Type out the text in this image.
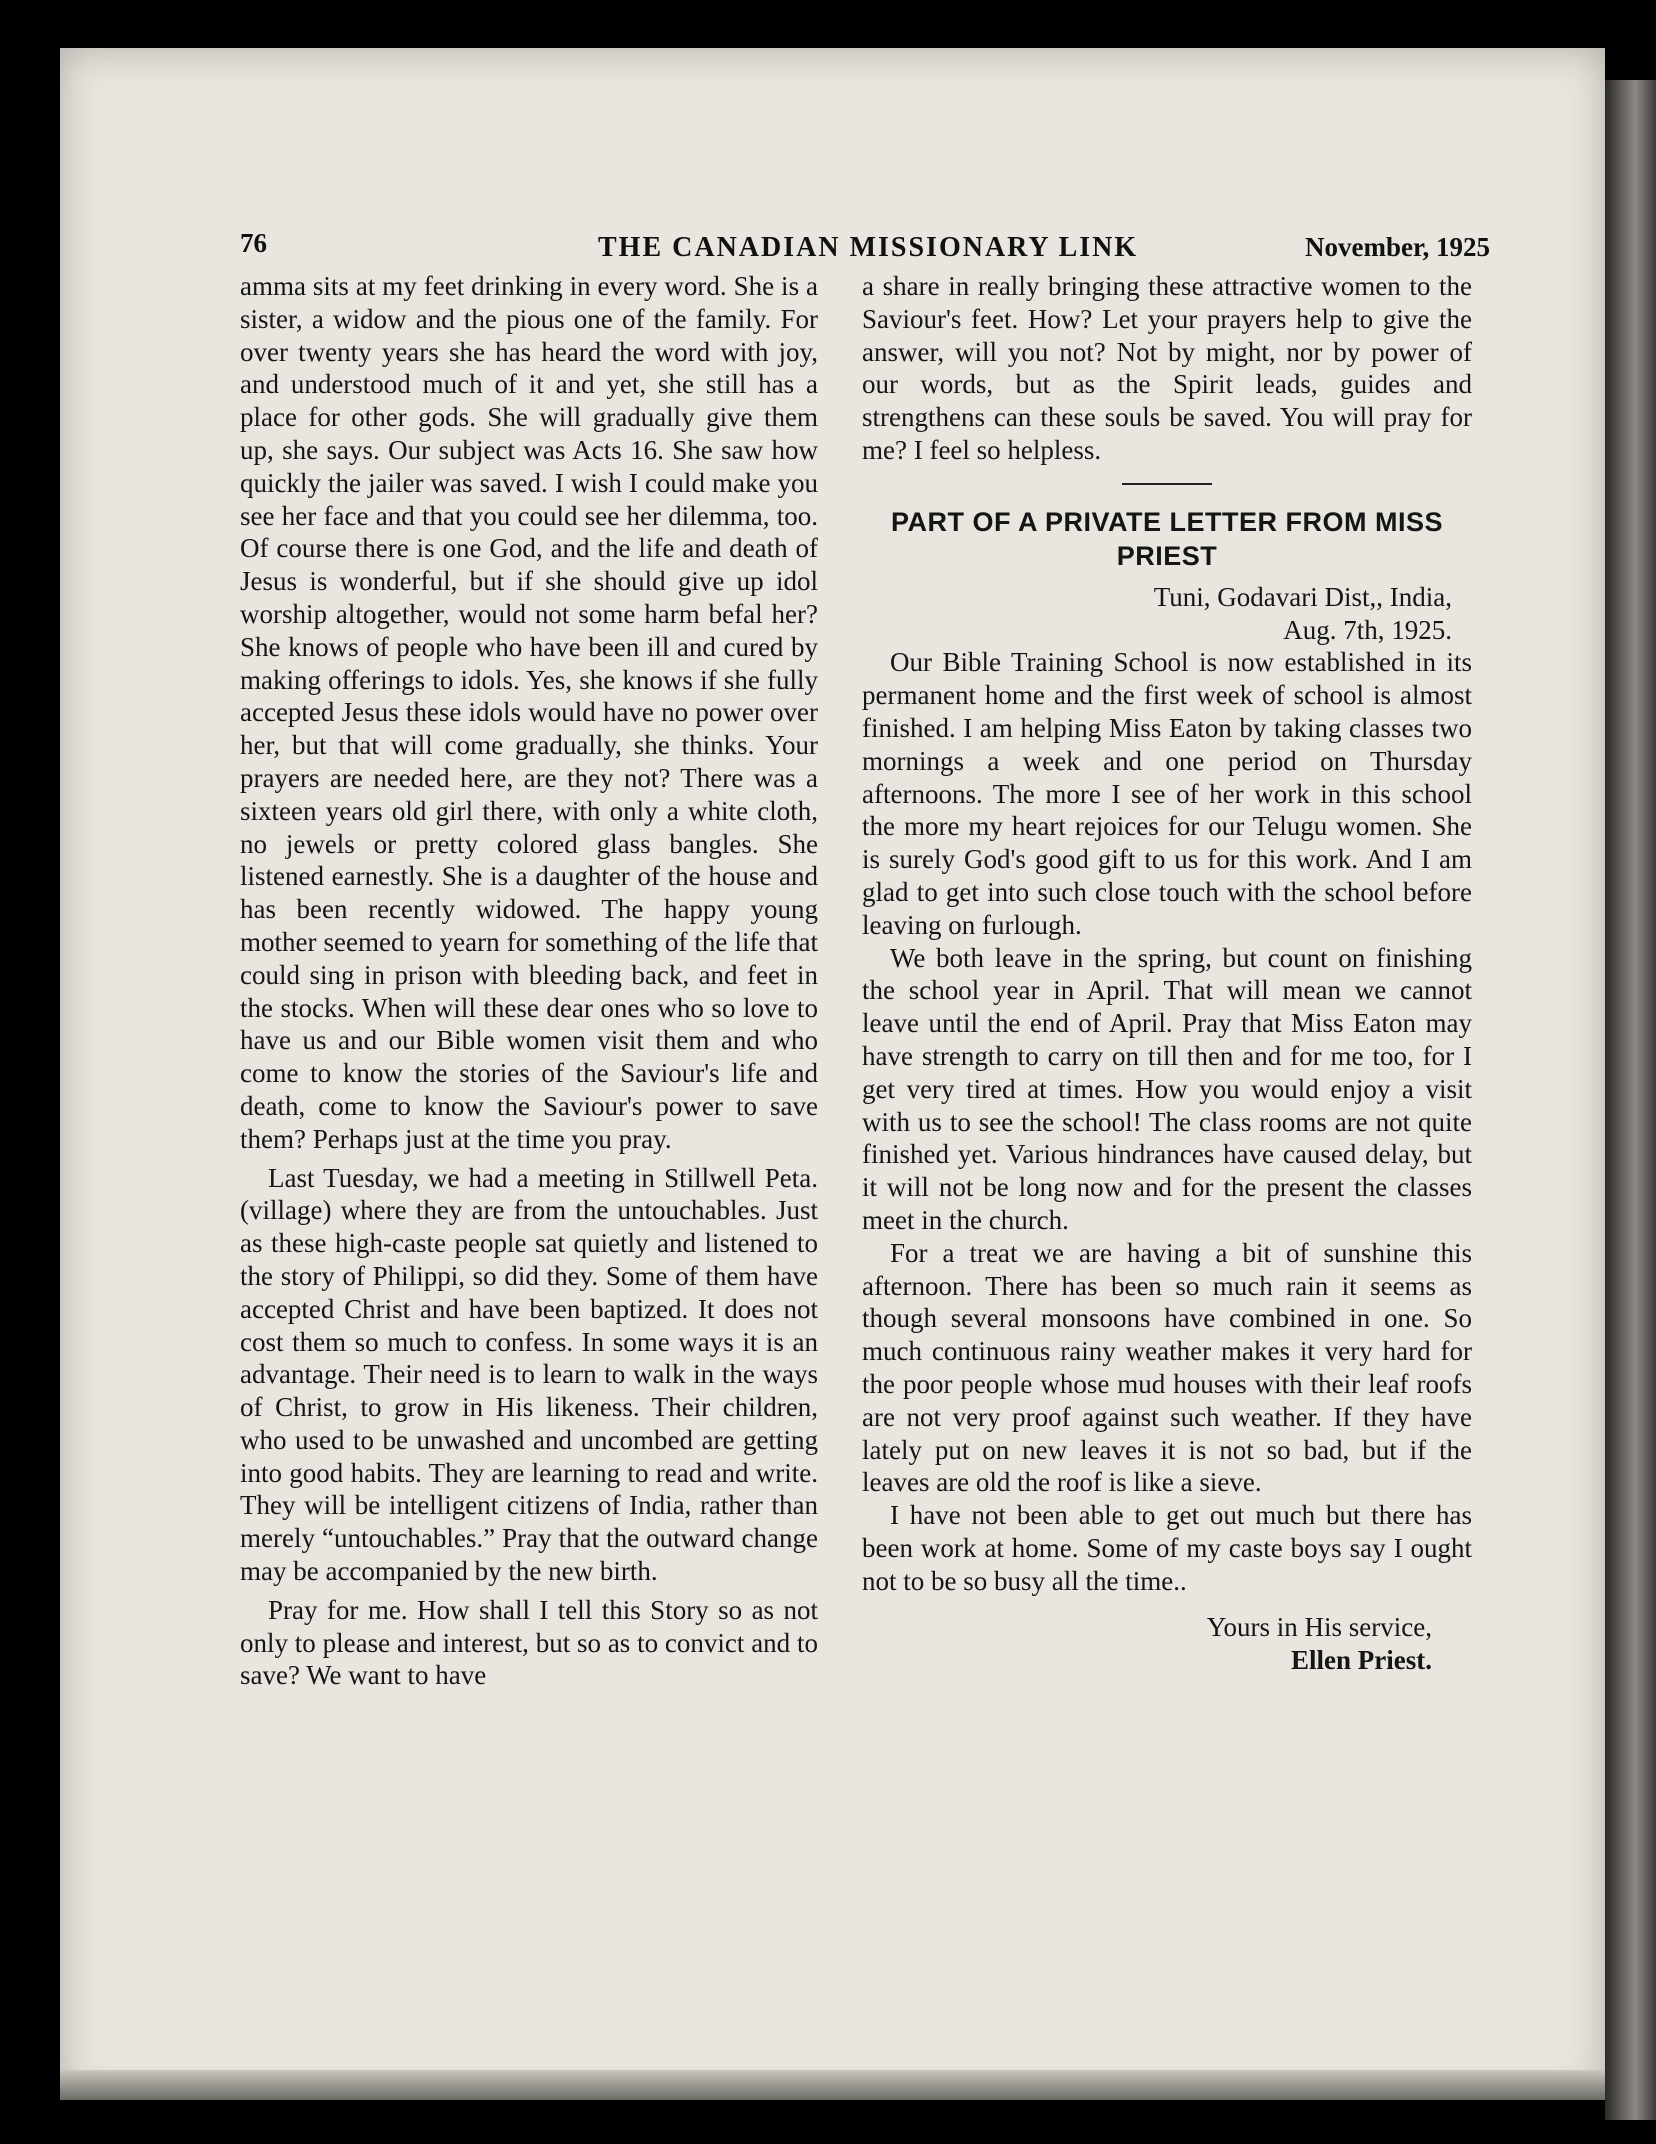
76	THE CANADIAN MISSIONARY LINK	November, 1925

amma sits at my feet drinking in every word. She is a sister, a widow and the pious one of the family. For over twenty years she has heard the word with joy, and understood much of it and yet, she still has a place for other gods. She will gradually give them up, she says. Our subject was Acts 16. She saw how quickly the jailer was saved. I wish I could make you see her face and that you could see her dilemma, too. Of course there is one God, and the life and death of Jesus is wonderful, but if she should give up idol worship altogether, would not some harm befal her? She knows of people who have been ill and cured by making offerings to idols. Yes, she knows if she fully accepted Jesus these idols would have no power over her, but that will come gradually, she thinks. Your prayers are needed here, are they not? There was a sixteen years old girl there, with only a white cloth, no jewels or pretty colored glass bangles. She listened earnestly. She is a daughter of the house and has been recently widowed. The happy young mother seemed to yearn for something of the life that could sing in prison with bleeding back, and feet in the stocks. When will these dear ones who so love to have us and our Bible women visit them and who come to know the stories of the Saviour's life and death, come to know the Saviour's power to save them? Perhaps just at the time you pray.

Last Tuesday, we had a meeting in Stillwell Peta. (village) where they are from the untouchables. Just as these high-caste people sat quietly and listened to the story of Philippi, so did they. Some of them have accepted Christ and have been baptized. It does not cost them so much to confess. In some ways it is an advantage. Their need is to learn to walk in the ways of Christ, to grow in His likeness. Their children, who used to be unwashed and uncombed are getting into good habits. They are learning to read and write. They will be intelligent citizens of India, rather than merely “untouchables.” Pray that the outward change may be accompanied by the new birth.

Pray for me. How shall I tell this Story so as not only to please and interest, but so as to convict and to save? We want to have

a share in really bringing these attractive women to the Saviour's feet. How? Let your prayers help to give the answer, will you not? Not by might, nor by power of our words, but as the Spirit leads, guides and strengthens can these souls be saved. You will pray for me? I feel so helpless.

PART OF A PRIVATE LETTER FROM MISS PRIEST
Tuni, Godavari Dist,, India,
Aug. 7th, 1925.

Our Bible Training School is now established in its permanent home and the first week of school is almost finished. I am helping Miss Eaton by taking classes two mornings a week and one period on Thursday afternoons. The more I see of her work in this school the more my heart rejoices for our Telugu women. She is surely God's good gift to us for this work. And I am glad to get into such close touch with the school before leaving on furlough.

We both leave in the spring, but count on finishing the school year in April. That will mean we cannot leave until the end of April. Pray that Miss Eaton may have strength to carry on till then and for me too, for I get very tired at times. How you would enjoy a visit with us to see the school! The class rooms are not quite finished yet. Various hindrances have caused delay, but it will not be long now and for the present the classes meet in the church.

For a treat we are having a bit of sunshine this afternoon. There has been so much rain it seems as though several monsoons have combined in one. So much continuous rainy weather makes it very hard for the poor people whose mud houses with their leaf roofs are not very proof against such weather. If they have lately put on new leaves it is not so bad, but if the leaves are old the roof is like a sieve.

I have not been able to get out much but there has been work at home. Some of my caste boys say I ought not to be so busy all the time..

Yours in His service,
Ellen Priest.
